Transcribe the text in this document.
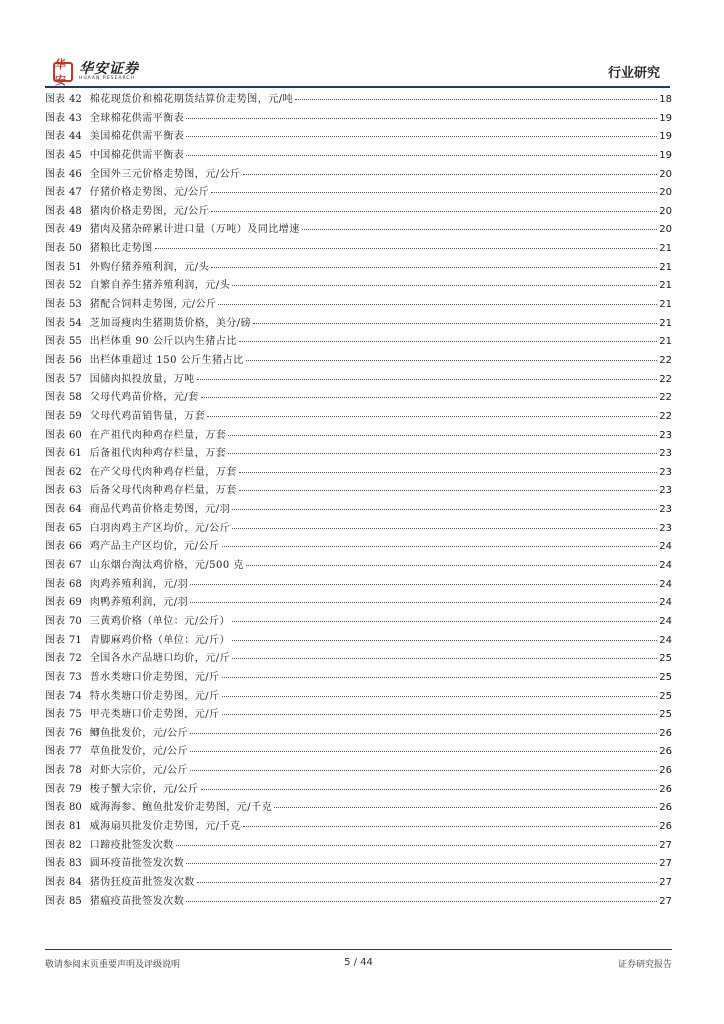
华安
华安证券
HUAAN RESEARCH	行业研究
图表 42 棉花现货价和棉花期货结算价走势图，元/吨	18
图表 43 全球棉花供需平衡表	19
图表 44 美国棉花供需平衡表	19
图表 45 中国棉花供需平衡表	19
图表 46 全国外三元价格走势图，元/公斤	20
图表 47 仔猪价格走势图、元/公斤	20
图表 48 猪肉价格走势图，元/公斤	20
图表 49 猪肉及猪杂碎累计进口量（万吨）及同比增速	20
图表 50 猪粮比走势图	21
图表 51 外购仔猪养殖利润，元/头	21
图表 52 自繁自养生猪养殖利润，元/头	21
图表 53 猪配合饲料走势图, 元/公斤	21
图表 54 芝加哥瘦肉生猪期货价格，美分/磅	21
图表 55 出栏体重 90 公斤以内生猪占比	21
图表 56 出栏体重超过 150 公斤生猪占比	22
图表 57 国储肉拟投放量，万吨	22
图表 58 父母代鸡苗价格，元/套	22
图表 59 父母代鸡苗销售量，万套	22
图表 60 在产祖代肉种鸡存栏量，万套	23
图表 61 后备祖代肉种鸡存栏量，万套	23
图表 62 在产父母代肉种鸡存栏量，万套	23
图表 63 后备父母代肉种鸡存栏量，万套	23
图表 64 商品代鸡苗价格走势图，元/羽	23
图表 65 白羽肉鸡主产区均价，元/公斤	23
图表 66 鸡产品主产区均价，元/公斤	24
图表 67 山东烟台淘汰鸡价格，元/500 克	24
图表 68 肉鸡养殖利润，元/羽	24
图表 69 肉鸭养殖利润，元/羽	24
图表 70 三黄鸡价格（单位：元/公斤）	24
图表 71 青脚麻鸡价格（单位：元/斤）	24
图表 72 全国各水产品塘口均价，元/斤	25
图表 73 普水类塘口价走势图，元/斤	25
图表 74 特水类塘口价走势图，元/斤	25
图表 75 甲壳类塘口价走势图，元/斤	25
图表 76 鲫鱼批发价，元/公斤	26
图表 77 草鱼批发价，元/公斤	26
图表 78 对虾大宗价，元/公斤	26
图表 79 梭子蟹大宗价，元/公斤	26
图表 80 威海海参、鲍鱼批发价走势图，元/千克	26
图表 81 威海扇贝批发价走势图，元/千克	26
图表 82 口蹄疫批签发次数	27
图表 83 圆环疫苗批签发次数	27
图表 84 猪伪狂疫苗批签发次数	27
图表 85 猪瘟疫苗批签发次数	27
敬请参阅末页重要声明及评级说明	5 / 44	证券研究报告
